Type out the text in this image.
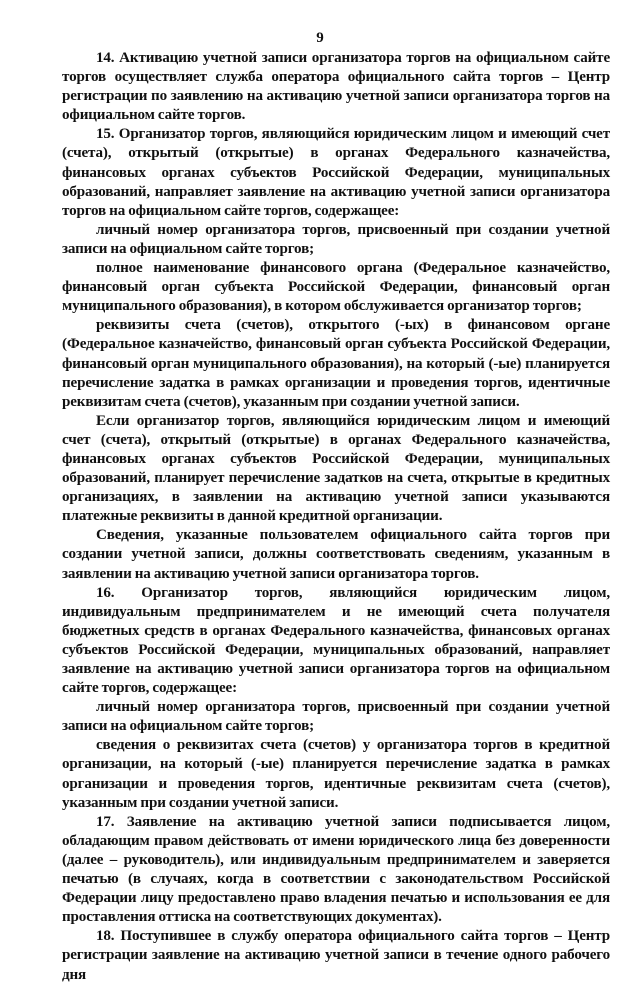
9

14. Активацию учетной записи организатора торгов на официальном сайте торгов осуществляет служба оператора официального сайта торгов – Центр регистрации по заявлению на активацию учетной записи организатора торгов на официальном сайте торгов.

15. Организатор торгов, являющийся юридическим лицом и имеющий счет (счета), открытый (открытые) в органах Федерального казначейства, финансовых органах субъектов Российской Федерации, муниципальных образований, направляет заявление на активацию учетной записи организатора торгов на официальном сайте торгов, содержащее:

личный номер организатора торгов, присвоенный при создании учетной записи на официальном сайте торгов;

полное наименование финансового органа (Федеральное казначейство, финансовый орган субъекта Российской Федерации, финансовый орган муниципального образования), в котором обслуживается организатор торгов;

реквизиты счета (счетов), открытого (-ых) в финансовом органе (Федеральное казначейство, финансовый орган субъекта Российской Федерации, финансовый орган муниципального образования), на который (-ые) планируется перечисление задатка в рамках организации и проведения торгов, идентичные реквизитам счета (счетов), указанным при создании учетной записи.

Если организатор торгов, являющийся юридическим лицом и имеющий счет (счета), открытый (открытые) в органах Федерального казначейства, финансовых органах субъектов Российской Федерации, муниципальных образований, планирует перечисление задатков на счета, открытые в кредитных организациях, в заявлении на активацию учетной записи указываются платежные реквизиты в данной кредитной организации.

Сведения, указанные пользователем официального сайта торгов при создании учетной записи, должны соответствовать сведениям, указанным в заявлении на активацию учетной записи организатора торгов.

16. Организатор торгов, являющийся юридическим лицом, индивидуальным предпринимателем и не имеющий счета получателя бюджетных средств в органах Федерального казначейства, финансовых органах субъектов Российской Федерации, муниципальных образований, направляет заявление на активацию учетной записи организатора торгов на официальном сайте торгов, содержащее:

личный номер организатора торгов, присвоенный при создании учетной записи на официальном сайте торгов;

сведения о реквизитах счета (счетов) у организатора торгов в кредитной организации, на который (-ые) планируется перечисление задатка в рамках организации и проведения торгов, идентичные реквизитам счета (счетов), указанным при создании учетной записи.

17. Заявление на активацию учетной записи подписывается лицом, обладающим правом действовать от имени юридического лица без доверенности (далее – руководитель), или индивидуальным предпринимателем и заверяется печатью (в случаях, когда в соответствии с законодательством Российской Федерации лицу предоставлено право владения печатью и использования ее для проставления оттиска на соответствующих документах).

18. Поступившее в службу оператора официального сайта торгов – Центр регистрации заявление на активацию учетной записи в течение одного рабочего дня
